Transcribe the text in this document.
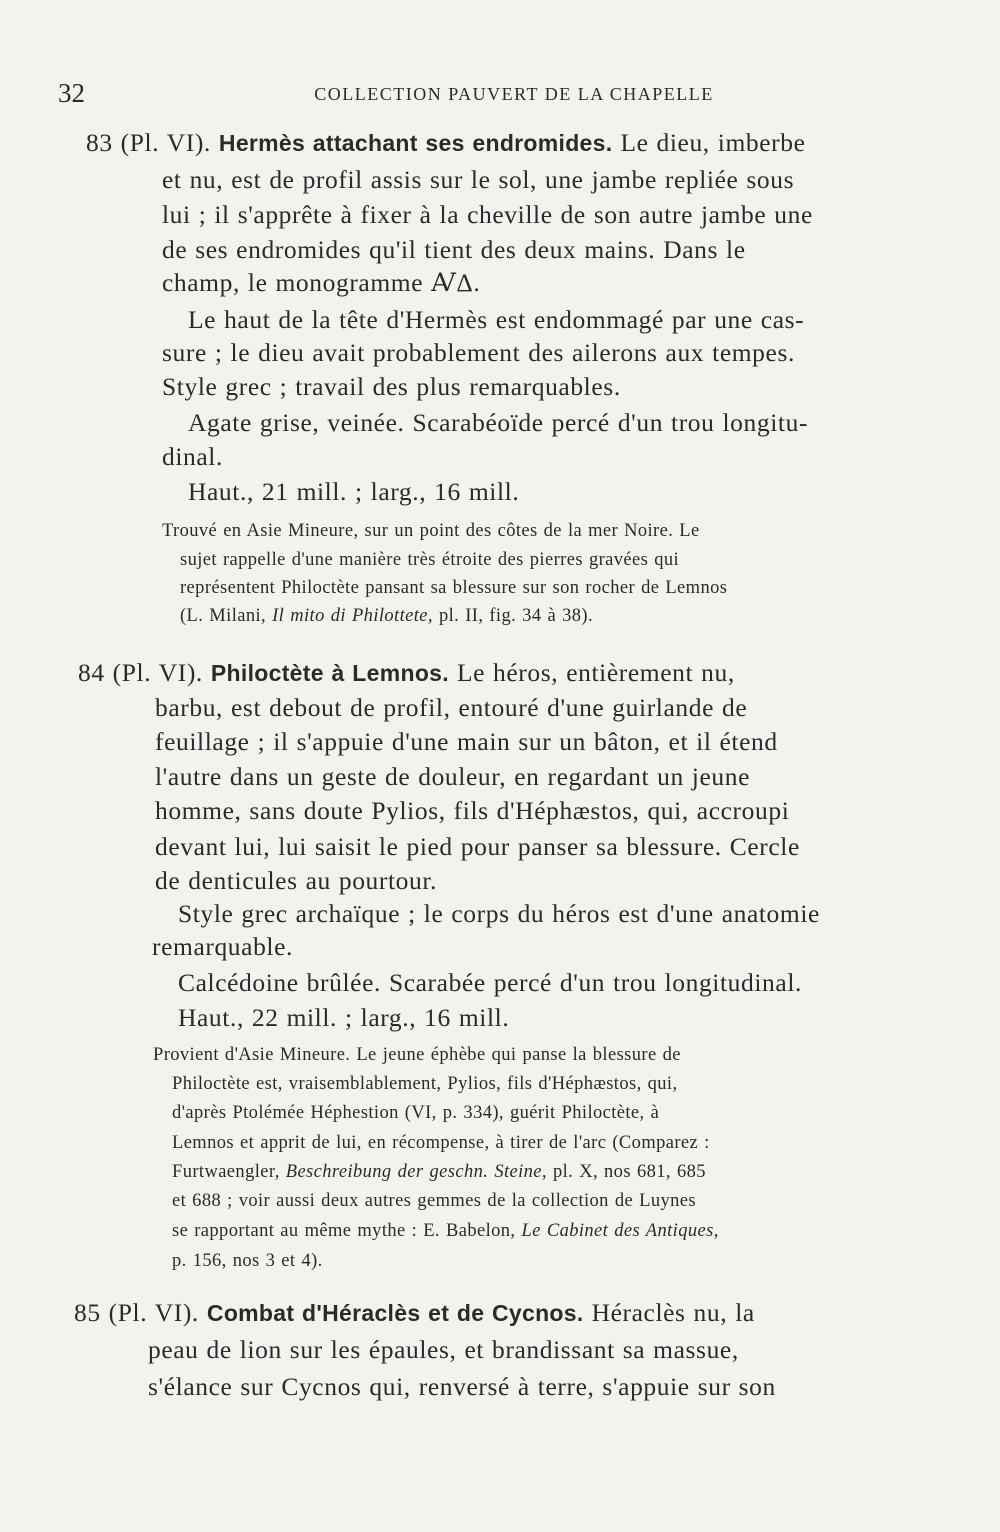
32	COLLECTION PAUVERT DE LA CHAPELLE
83 (Pl. VI). Hermès attachant ses endromides. Le dieu, imberbe
et nu, est de profil assis sur le sol, une jambe repliée sous
lui ; il s'apprête à fixer à la cheville de son autre jambe une
de ses endromides qu'il tient des deux mains. Dans le
champ, le monogramme ꜸΔ.
Le haut de la tête d'Hermès est endommagé par une cas-
sure ; le dieu avait probablement des ailerons aux tempes.
Style grec ; travail des plus remarquables.
Agate grise, veinée. Scarabéoïde percé d'un trou longitu-
dinal.
Haut., 21 mill. ; larg., 16 mill.
Trouvé en Asie Mineure, sur un point des côtes de la mer Noire. Le
sujet rappelle d'une manière très étroite des pierres gravées qui
représentent Philoctète pansant sa blessure sur son rocher de Lemnos
(L. Milani, Il mito di Philottete, pl. II, fig. 34 à 38).
84 (Pl. VI). Philoctète à Lemnos. Le héros, entièrement nu,
barbu, est debout de profil, entouré d'une guirlande de
feuillage ; il s'appuie d'une main sur un bâton, et il étend
l'autre dans un geste de douleur, en regardant un jeune
homme, sans doute Pylios, fils d'Héphæstos, qui, accroupi
devant lui, lui saisit le pied pour panser sa blessure. Cercle
de denticules au pourtour.
Style grec archaïque ; le corps du héros est d'une anatomie
remarquable.
Calcédoine brûlée. Scarabée percé d'un trou longitudinal.
Haut., 22 mill. ; larg., 16 mill.
Provient d'Asie Mineure. Le jeune éphèbe qui panse la blessure de
Philoctète est, vraisemblablement, Pylios, fils d'Héphæstos, qui,
d'après Ptolémée Héphestion (VI, p. 334), guérit Philoctète, à
Lemnos et apprit de lui, en récompense, à tirer de l'arc (Comparez :
Furtwaengler, Beschreibung der geschn. Steine, pl. X, nos 681, 685
et 688 ; voir aussi deux autres gemmes de la collection de Luynes
se rapportant au même mythe : E. Babelon, Le Cabinet des Antiques,
p. 156, nos 3 et 4).
85 (Pl. VI). Combat d'Héraclès et de Cycnos. Héraclès nu, la
peau de lion sur les épaules, et brandissant sa massue,
s'élance sur Cycnos qui, renversé à terre, s'appuie sur son
